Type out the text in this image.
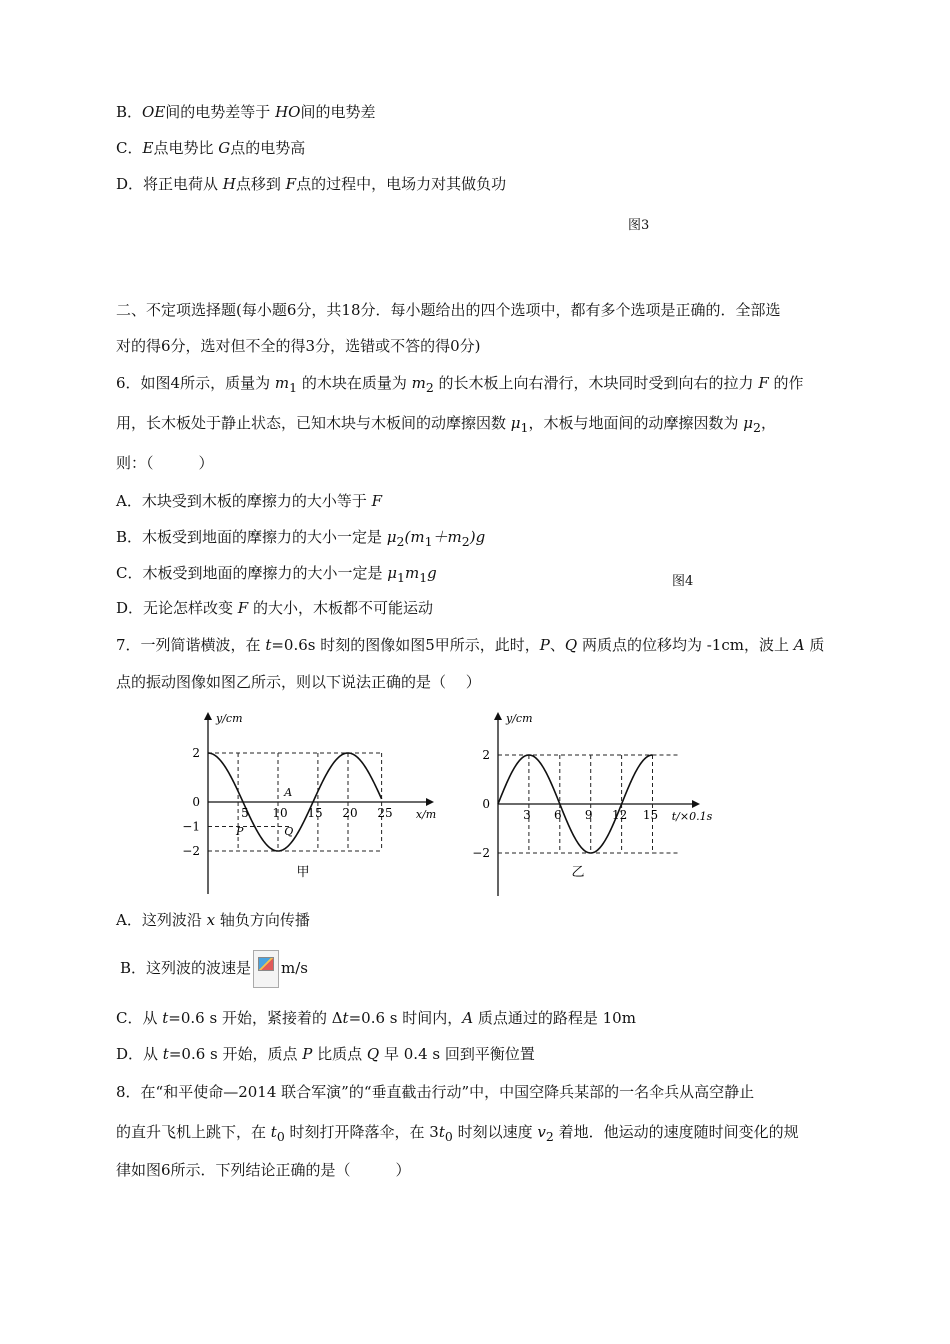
B．OE间的电势差等于 HO间的电势差
C．E点电势比 G点的电势高
D．将正电荷从 H点移到 F点的过程中，电场力对其做负功
图3
二、不定项选择题(每小题6分，共18分．每小题给出的四个选项中，都有多个选项是正确的．全部选
对的得6分，选对但不全的得3分，选错或不答的得0分)
6．如图4所示，质量为 $m_1$ 的木块在质量为 $m_2$ 的长木板上向右滑行，木块同时受到向右的拉力 F 的作
用，长木板处于静止状态，已知木块与木板间的动摩擦因数 $\mu_1$，木板与地面间的动摩擦因数为 $\mu_2$，
则：（　　　）
A．木块受到木板的摩擦力的大小等于 F
B．木板受到地面的摩擦力的大小一定是 $\mu_2(m_1+m_2)g$
C．木板受到地面的摩擦力的大小一定是 $\mu_1m_1g$	图4
D．无论怎样改变 F 的大小，木板都不可能运动
7．一列简谐横波，在 t=0.6s 时刻的图像如图5甲所示，此时，P、Q 两质点的位移均为 -1cm，波上 A 质
点的振动图像如图乙所示，则以下说法正确的是（　 ）
2
0
−1
−2
5 10 15 20 25
y/cm
x/m
甲
A
P	Q
2
0
−2
3 6 9 12 15
y/cm
t/×0.1s
乙
A．这列波沿 x 轴负方向传播
B．这列波的波速是 m/s
C．从 t=0.6 s 开始，紧接着的 Δt=0.6 s 时间内，A 质点通过的路程是 10m
D．从 t=0.6 s 开始，质点 P 比质点 Q 早 0.4 s 回到平衡位置
8．在“和平使命—2014 联合军演”的“垂直截击行动”中，中国空降兵某部的一名伞兵从高空静止
的直升飞机上跳下，在 $t_0$ 时刻打开降落伞，在 $3t_0$ 时刻以速度 $v_2$ 着地．他运动的速度随时间变化的规
律如图6所示．下列结论正确的是（　　　）
